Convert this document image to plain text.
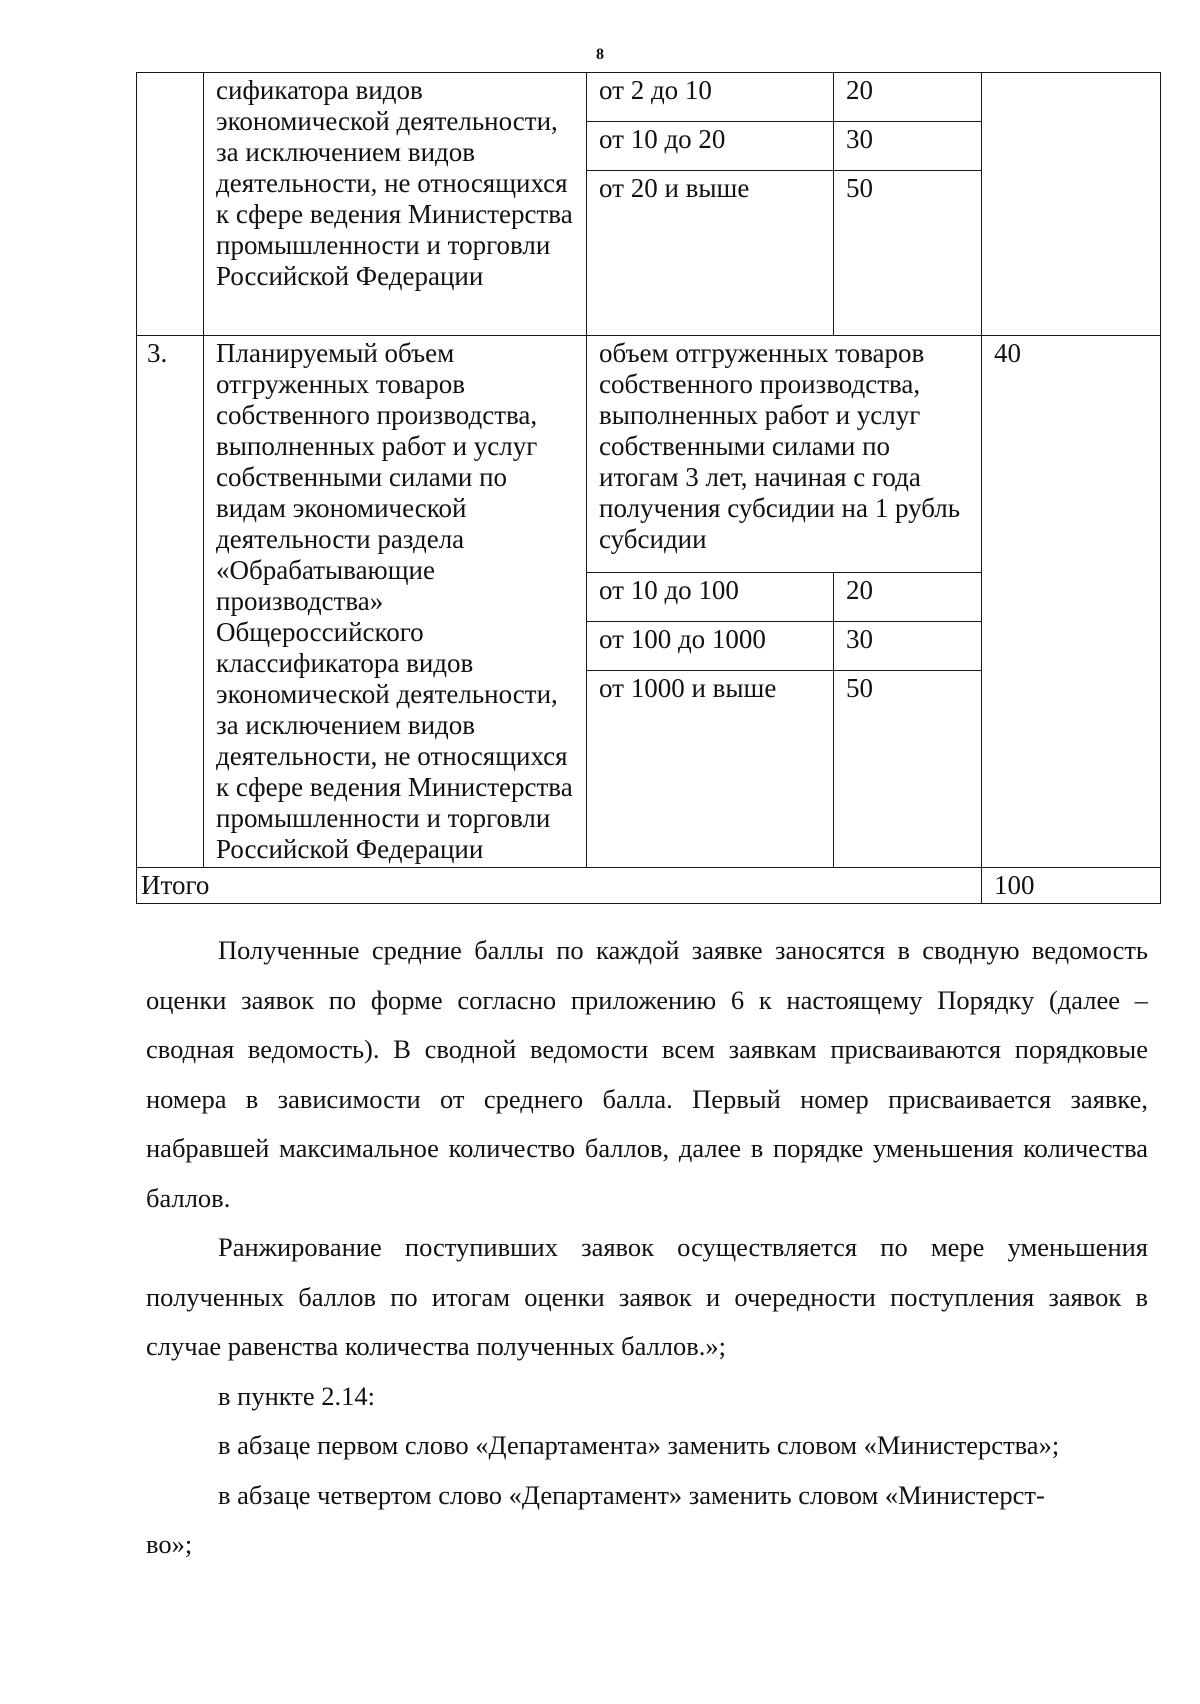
8
	сификатора видов экономической деятельности, за исключением видов деятельности, не относящихся к сфере ведения Министерства промышленности и торговли Российской Федерации	от 2 до 10	20	
		от 10 до 20	30	
		от 20 и выше	50	
3.	Планируемый объем отгруженных товаров собственного производства, выполненных работ и услуг собственными силами по видам экономической деятельности раздела «Обрабатывающие производства» Общероссийского классификатора видов экономической деятельности, за исключением видов деятельности, не относящихся к сфере ведения Министерства промышленности и торговли Российской Федерации	объем отгруженных товаров собственного производства, выполненных работ и услуг собственными силами по итогам 3 лет, начиная с года получения субсидии на 1 рубль субсидии		40
		от 10 до 100	20	
		от 100 до 1000	30	
		от 1000 и выше	50	
Итого				100

Полученные средние баллы по каждой заявке заносятся в сводную ведомость оценки заявок по форме согласно приложению 6 к настоящему Порядку (далее – сводная ведомость). В сводной ведомости всем заявкам присваиваются порядковые номера в зависимости от среднего балла. Первый номер присваивается заявке, набравшей максимальное количество баллов, далее в порядке уменьшения количества баллов.

Ранжирование поступивших заявок осуществляется по мере уменьшения полученных баллов по итогам оценки заявок и очередности поступления заявок в случае равенства количества полученных баллов.»;

в пункте 2.14:

в абзаце первом слово «Департамента» заменить словом «Министерства»;

в абзаце четвертом слово «Департамент» заменить словом «Министерст-

во»;
